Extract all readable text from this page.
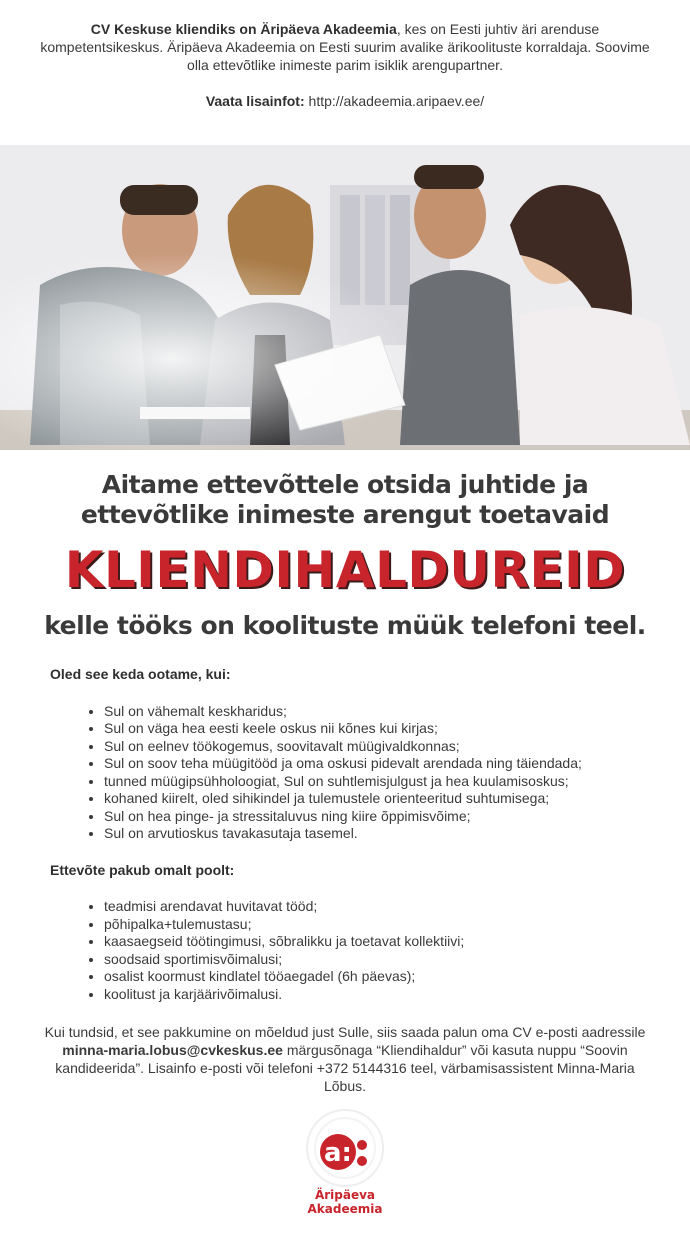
CV Keskuse kliendiks on Äripäeva Akadeemia, kes on Eesti juhtiv äri arenduse kompetentsikeskus. Äripäeva Akadeemia on Eesti suurim avalike ärikoolituste korraldaja. Soovime olla ettevõtlike inimeste parim isiklik arengupartner.

Vaata lisainfot: http://akadeemia.aripaev.ee/

Aitame ettevõttele otsida juhtide ja
ettevõtlike inimeste arengut toetavaid
KLIENDIHALDUREID
kelle tööks on koolituste müük telefoni teel.
Oled see keda ootame, kui:
• Sul on vähemalt keskharidus;
• Sul on väga hea eesti keele oskus nii kõnes kui kirjas;
• Sul on eelnev töökogemus, soovitavalt müügivaldkonnas;
• Sul on soov teha müügitööd ja oma oskusi pidevalt arendada ning täiendada;
• tunned müügipsühholoogiat, Sul on suhtlemisjulgust ja hea kuulamisoskus;
• kohaned kiirelt, oled sihikindel ja tulemustele orienteeritud suhtumisega;
• Sul on hea pinge- ja stressitaluvus ning kiire õppimisvõime;
• Sul on arvutioskus tavakasutaja tasemel.
Ettevõte pakub omalt poolt:
• teadmisi arendavat huvitavat tööd;
• põhipalka+tulemustasu;
• kaasaegseid töötingimusi, sõbralikku ja toetavat kollektiivi;
• soodsaid sportimisvõimalusi;
• osalist koormust kindlatel tööaegadel (6h päevas);
• koolitust ja karjäärivõimalusi.
Kui tundsid, et see pakkumine on mõeldud just Sulle, siis saada palun oma CV e-posti aadressile minna-maria.lobus@cvkeskus.ee märgusõnaga “Kliendihaldur” või kasuta nuppu “Soovin kandideerida”. Lisainfo e-posti või telefoni +372 5144316 teel, värbamisassistent Minna-Maria Lõbus.
a:
Äripäeva
Akadeemia
